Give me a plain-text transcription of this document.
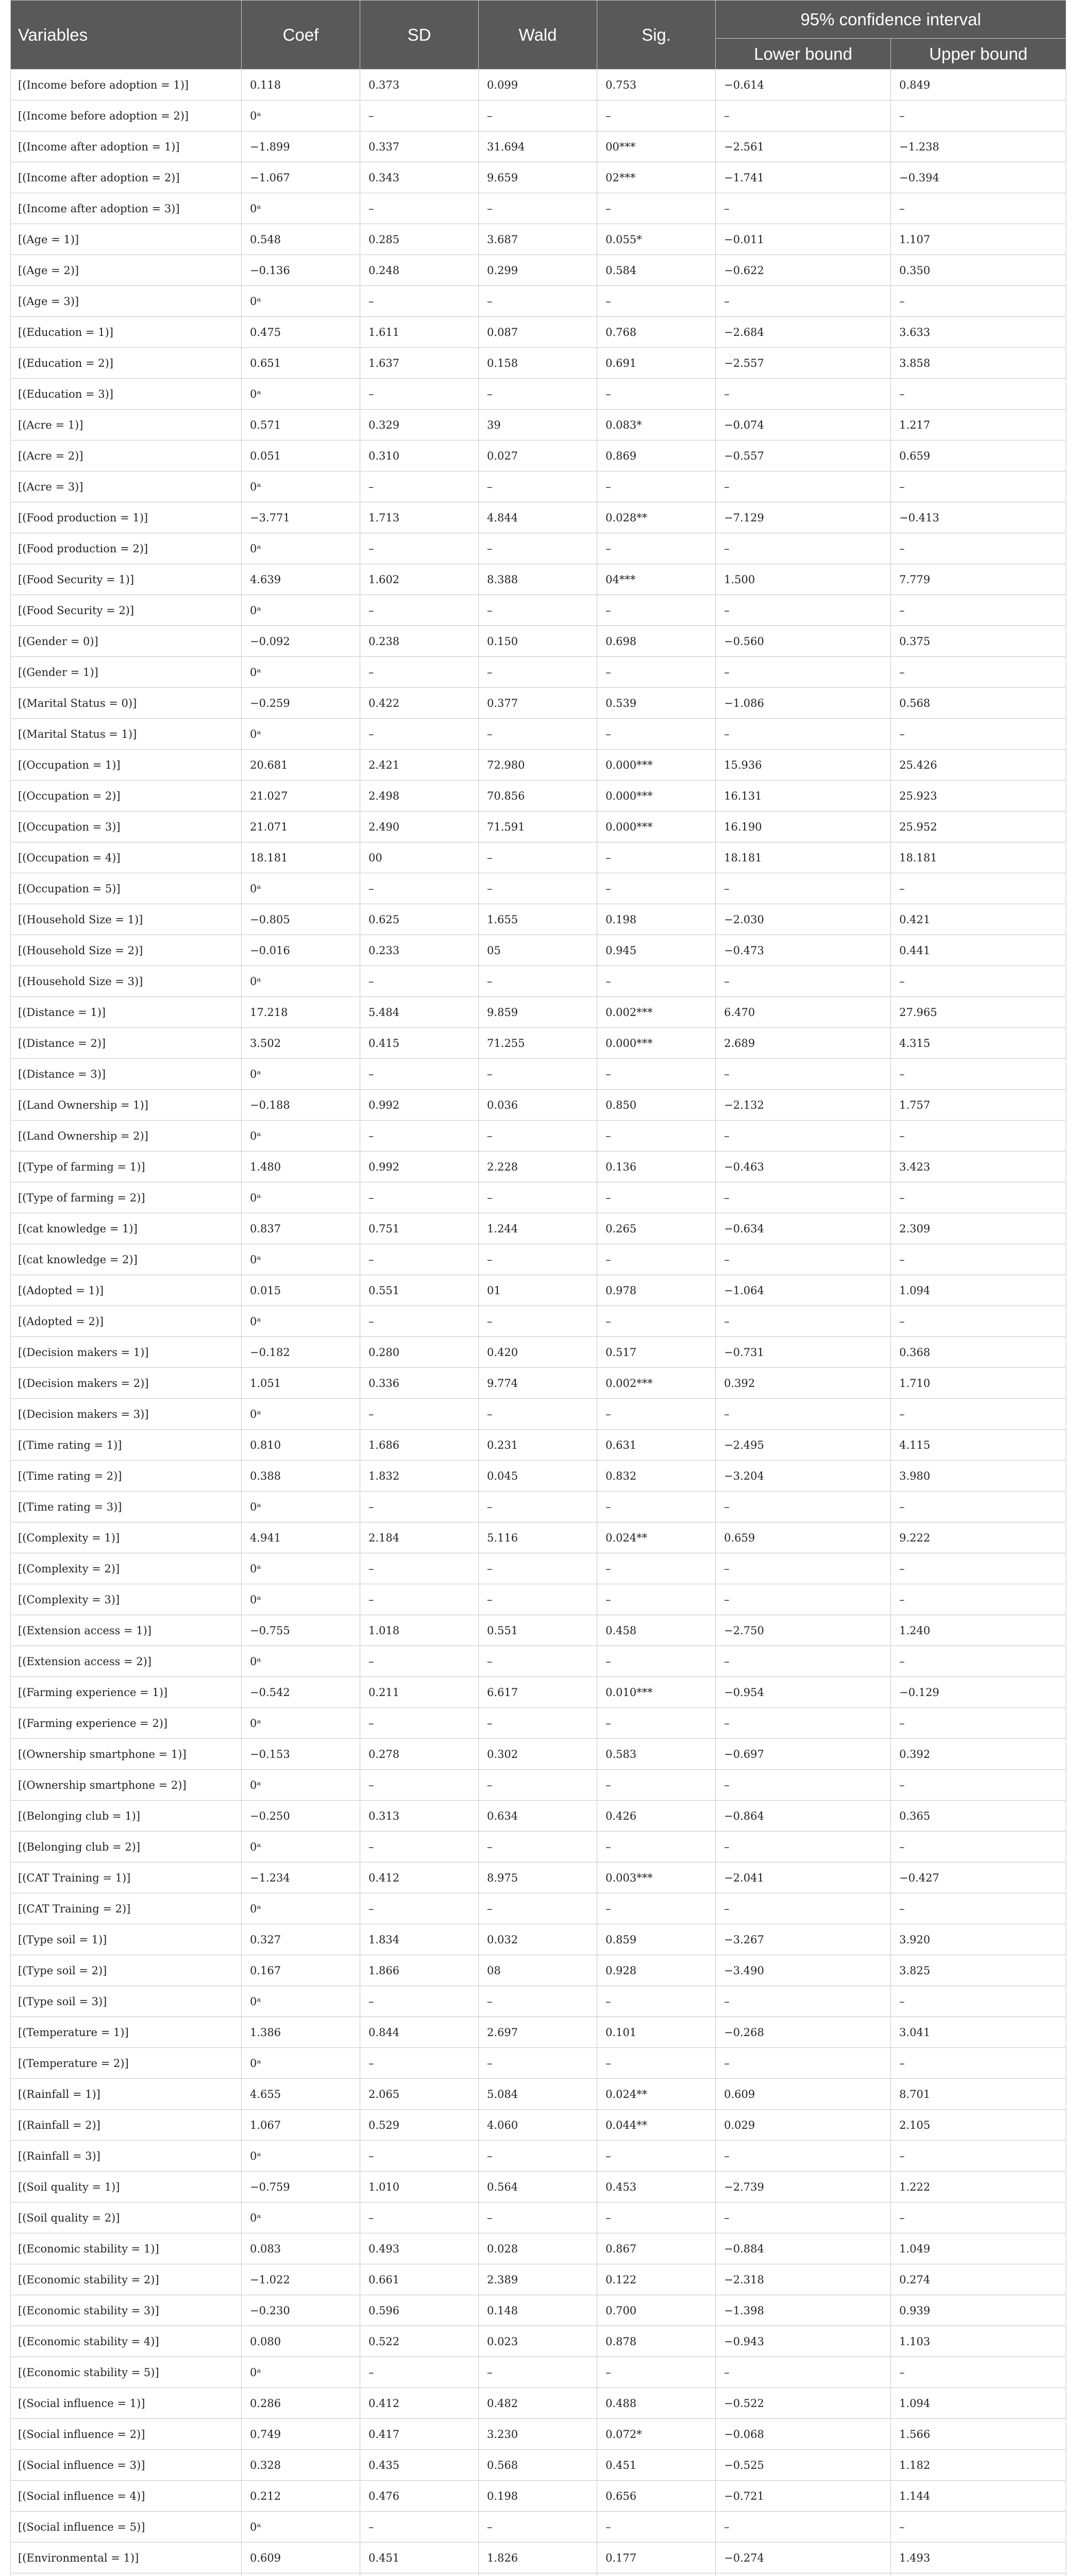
Variables	Coef	SD	Wald	Sig.	95% confidence interval	
					Lower bound	Upper bound
[(Income before adoption = 1)]	0.118	0.373	0.099	0.753	−0.614	0.849
[(Income before adoption = 2)]	0ᵃ	–	–	–	–	–
[(Income after adoption = 1)]	−1.899	0.337	31.694	00***	−2.561	−1.238
[(Income after adoption = 2)]	−1.067	0.343	9.659	02***	−1.741	−0.394
[(Income after adoption = 3)]	0ᵃ	–	–	–	–	–
[(Age = 1)]	0.548	0.285	3.687	0.055*	−0.011	1.107
[(Age = 2)]	−0.136	0.248	0.299	0.584	−0.622	0.350
[(Age = 3)]	0ᵃ	–	–	–	–	–
[(Education = 1)]	0.475	1.611	0.087	0.768	−2.684	3.633
[(Education = 2)]	0.651	1.637	0.158	0.691	−2.557	3.858
[(Education = 3)]	0ᵃ	–	–	–	–	–
[(Acre = 1)]	0.571	0.329	39	0.083*	−0.074	1.217
[(Acre = 2)]	0.051	0.310	0.027	0.869	−0.557	0.659
[(Acre = 3)]	0ᵃ	–	–	–	–	–
[(Food production = 1)]	−3.771	1.713	4.844	0.028**	−7.129	−0.413
[(Food production = 2)]	0ᵃ	–	–	–	–	–
[(Food Security = 1)]	4.639	1.602	8.388	04***	1.500	7.779
[(Food Security = 2)]	0ᵃ	–	–	–	–	–
[(Gender = 0)]	−0.092	0.238	0.150	0.698	−0.560	0.375
[(Gender = 1)]	0ᵃ	–	–	–	–	–
[(Marital Status = 0)]	−0.259	0.422	0.377	0.539	−1.086	0.568
[(Marital Status = 1)]	0ᵃ	–	–	–	–	–
[(Occupation = 1)]	20.681	2.421	72.980	0.000***	15.936	25.426
[(Occupation = 2)]	21.027	2.498	70.856	0.000***	16.131	25.923
[(Occupation = 3)]	21.071	2.490	71.591	0.000***	16.190	25.952
[(Occupation = 4)]	18.181	00	–	–	18.181	18.181
[(Occupation = 5)]	0ᵃ	–	–	–	–	–
[(Household Size = 1)]	−0.805	0.625	1.655	0.198	−2.030	0.421
[(Household Size = 2)]	−0.016	0.233	05	0.945	−0.473	0.441
[(Household Size = 3)]	0ᵃ	–	–	–	–	–
[(Distance = 1)]	17.218	5.484	9.859	0.002***	6.470	27.965
[(Distance = 2)]	3.502	0.415	71.255	0.000***	2.689	4.315
[(Distance = 3)]	0ᵃ	–	–	–	–	–
[(Land Ownership = 1)]	−0.188	0.992	0.036	0.850	−2.132	1.757
[(Land Ownership = 2)]	0ᵃ	–	–	–	–	–
[(Type of farming = 1)]	1.480	0.992	2.228	0.136	−0.463	3.423
[(Type of farming = 2)]	0ᵃ	–	–	–	–	–
[(cat knowledge = 1)]	0.837	0.751	1.244	0.265	−0.634	2.309
[(cat knowledge = 2)]	0ᵃ	–	–	–	–	–
[(Adopted = 1)]	0.015	0.551	01	0.978	−1.064	1.094
[(Adopted = 2)]	0ᵃ	–	–	–	–	–
[(Decision makers = 1)]	−0.182	0.280	0.420	0.517	−0.731	0.368
[(Decision makers = 2)]	1.051	0.336	9.774	0.002***	0.392	1.710
[(Decision makers = 3)]	0ᵃ	–	–	–	–	–
[(Time rating = 1)]	0.810	1.686	0.231	0.631	−2.495	4.115
[(Time rating = 2)]	0.388	1.832	0.045	0.832	−3.204	3.980
[(Time rating = 3)]	0ᵃ	–	–	–	–	–
[(Complexity = 1)]	4.941	2.184	5.116	0.024**	0.659	9.222
[(Complexity = 2)]	0ᵃ	–	–	–	–	–
[(Complexity = 3)]	0ᵃ	–	–	–	–	–
[(Extension access = 1)]	−0.755	1.018	0.551	0.458	−2.750	1.240
[(Extension access = 2)]	0ᵃ	–	–	–	–	–
[(Farming experience = 1)]	−0.542	0.211	6.617	0.010***	−0.954	−0.129
[(Farming experience = 2)]	0ᵃ	–	–	–	–	–
[(Ownership smartphone = 1)]	−0.153	0.278	0.302	0.583	−0.697	0.392
[(Ownership smartphone = 2)]	0ᵃ	–	–	–	–	–
[(Belonging club = 1)]	−0.250	0.313	0.634	0.426	−0.864	0.365
[(Belonging club = 2)]	0ᵃ	–	–	–	–	–
[(CAT Training = 1)]	−1.234	0.412	8.975	0.003***	−2.041	−0.427
[(CAT Training = 2)]	0ᵃ	–	–	–	–	–
[(Type soil = 1)]	0.327	1.834	0.032	0.859	−3.267	3.920
[(Type soil = 2)]	0.167	1.866	08	0.928	−3.490	3.825
[(Type soil = 3)]	0ᵃ	–	–	–	–	–
[(Temperature = 1)]	1.386	0.844	2.697	0.101	−0.268	3.041
[(Temperature = 2)]	0ᵃ	–	–	–	–	–
[(Rainfall = 1)]	4.655	2.065	5.084	0.024**	0.609	8.701
[(Rainfall = 2)]	1.067	0.529	4.060	0.044**	0.029	2.105
[(Rainfall = 3)]	0ᵃ	–	–	–	–	–
[(Soil quality = 1)]	−0.759	1.010	0.564	0.453	−2.739	1.222
[(Soil quality = 2)]	0ᵃ	–	–	–	–	–
[(Economic stability = 1)]	0.083	0.493	0.028	0.867	−0.884	1.049
[(Economic stability = 2)]	−1.022	0.661	2.389	0.122	−2.318	0.274
[(Economic stability = 3)]	−0.230	0.596	0.148	0.700	−1.398	0.939
[(Economic stability = 4)]	0.080	0.522	0.023	0.878	−0.943	1.103
[(Economic stability = 5)]	0ᵃ	–	–	–	–	–
[(Social influence = 1)]	0.286	0.412	0.482	0.488	−0.522	1.094
[(Social influence = 2)]	0.749	0.417	3.230	0.072*	−0.068	1.566
[(Social influence = 3)]	0.328	0.435	0.568	0.451	−0.525	1.182
[(Social influence = 4)]	0.212	0.476	0.198	0.656	−0.721	1.144
[(Social influence = 5)]	0ᵃ	–	–	–	–	–
[(Environmental = 1)]	0.609	0.451	1.826	0.177	−0.274	1.493
